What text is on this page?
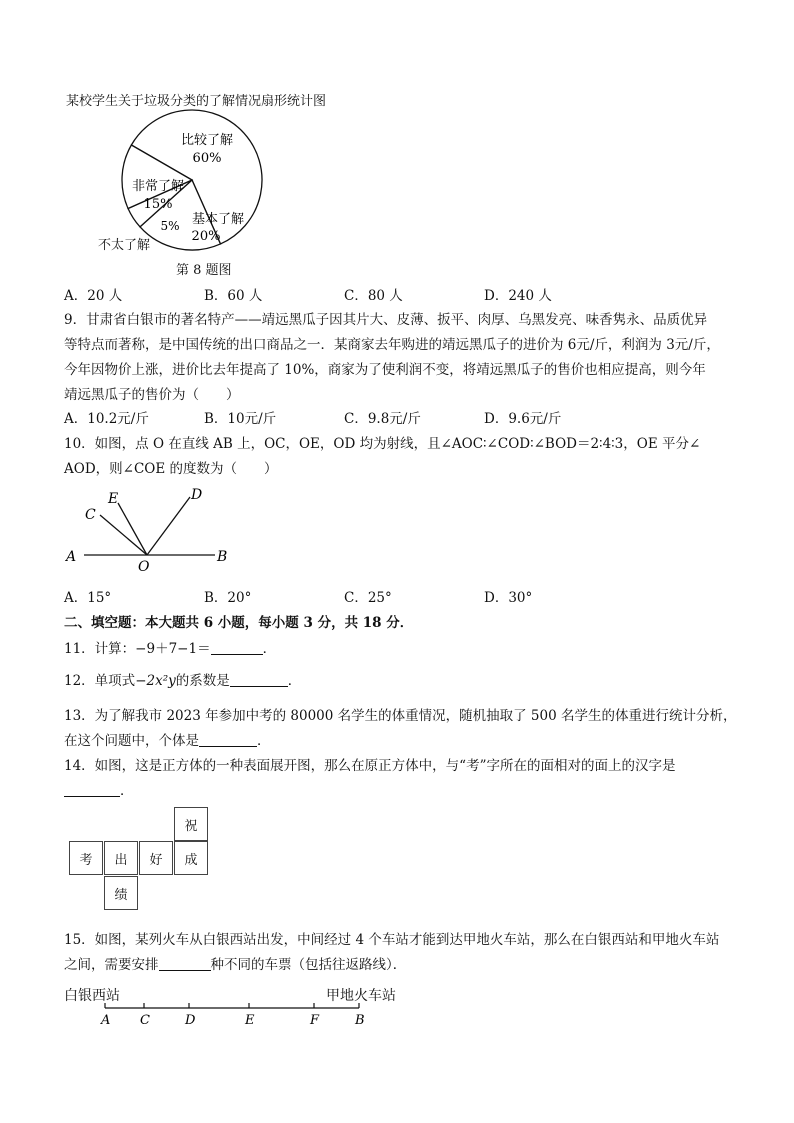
某校学生关于垃圾分类的了解情况扇形统计图
比较了解
60%
非常了解
15%
基本了解
20%
5%
不太了解
第 8 题图
A．20 人	B．60 人	C．80 人	D．240 人
9．甘肃省白银市的著名特产——靖远黑瓜子因其片大、皮薄、扳平、肉厚、乌黑发亮、味香隽永、品质优异
等特点而著称，是中国传统的出口商品之一．某商家去年购进的靖远黑瓜子的进价为 6元/斤，利润为 3元/斤，
今年因物价上涨，进价比去年提高了 10%，商家为了使利润不变，将靖远黑瓜子的售价也相应提高，则今年
靖远黑瓜子的售价为（　　）
A．10.2元/斤	B．10元/斤	C．9.8元/斤	D．9.6元/斤
10．如图，点 O 在直线 AB 上，OC，OE，OD 均为射线，且∠AOC∶∠COD∶∠BOD＝2∶4∶3，OE 平分∠
AOD，则∠COE 的度数为（　　）
A	B
C
E	D
O
A．15°	B．20°	C．25°	D．30°
二、填空题：本大题共 6 小题，每小题 3 分，共 18 分．
11．计算：−9＋7−1＝	．
12．单项式−2x²y的系数是	．
13．为了解我市 2023 年参加中考的 80000 名学生的体重情况，随机抽取了 500 名学生的体重进行统计分析，
在这个问题中，个体是	．
14．如图，这是正方体的一种表面展开图，那么在原正方体中，与“考”字所在的面相对的面上的汉字是
．
祝
考	出	好	成
绩
15．如图，某列火车从白银西站出发，中间经过 4 个车站才能到达甲地火车站，那么在白银西站和甲地火车站
之间，需要安排	种不同的车票（包括往返路线）．
白银西站	甲地火车站
A C	D	E	F	B
